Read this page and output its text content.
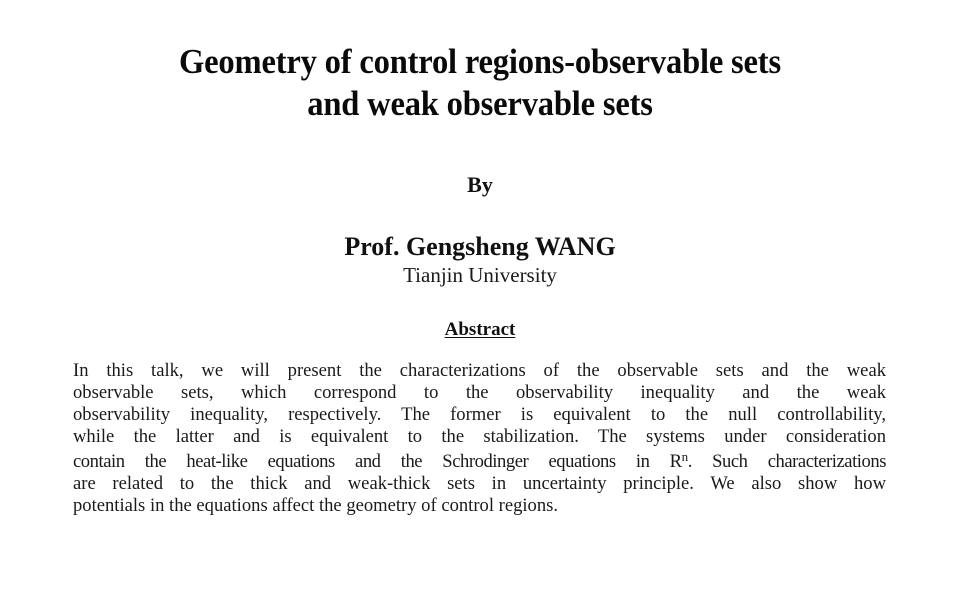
Geometry of control regions-observable sets
and weak observable sets
By
Prof. Gengsheng WANG
Tianjin University
Abstract
In this talk, we will present the characterizations of the observable sets and the weak
observable sets, which correspond to the observability inequality and the weak
observability inequality, respectively. The former is equivalent to the null controllability,
while the latter and is equivalent to the stabilization. The systems under consideration
contain the heat-like equations and the Schrodinger equations in $R^n$. Such characterizations
are related to the thick and weak-thick sets in uncertainty principle. We also show how
potentials in the equations affect the geometry of control regions.
